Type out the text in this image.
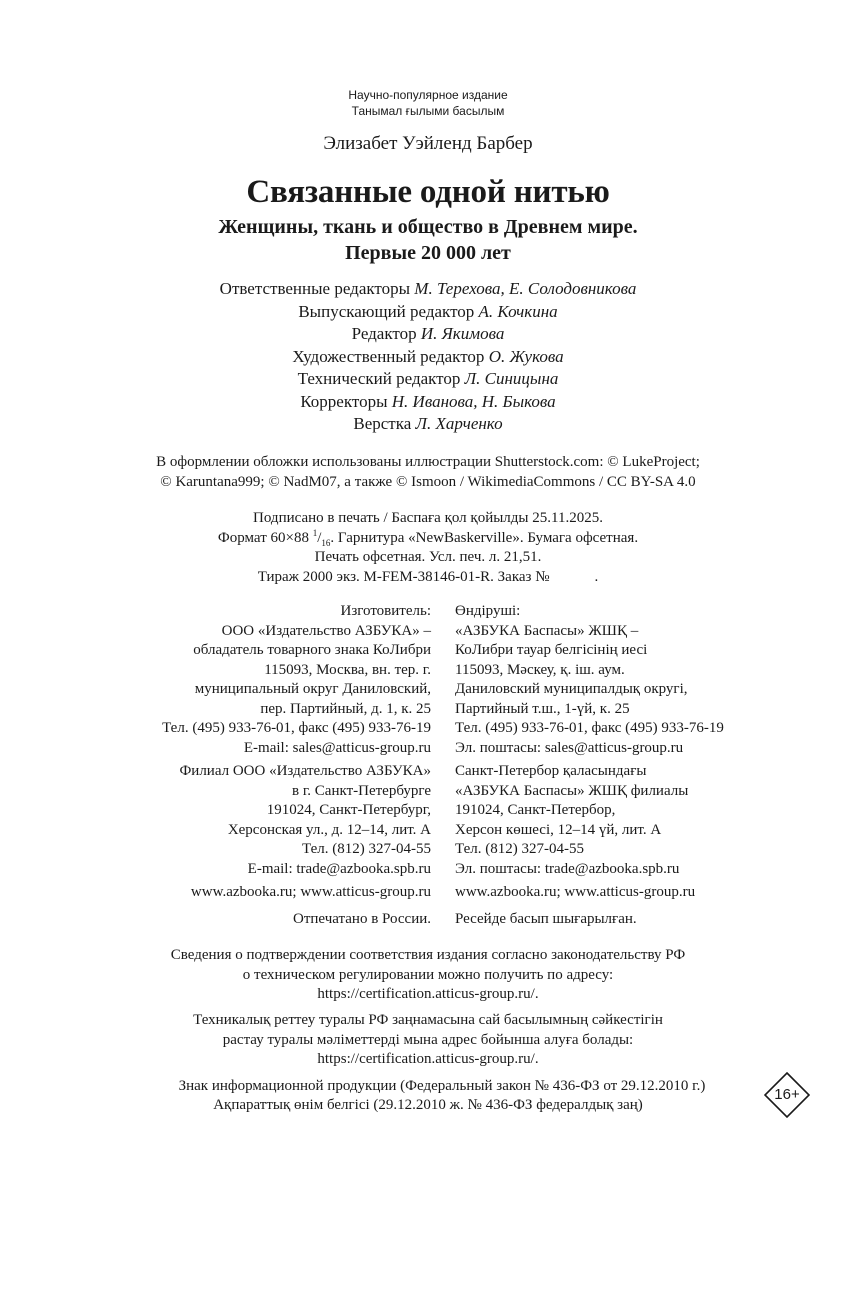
Научно-популярное издание
Танымал ғылыми басылым
Элизабет Уэйленд Барбер
Связанные одной нитью
Женщины, ткань и общество в Древнем мире.
Первые 20 000 лет
Ответственные редакторы М. Терехова, Е. Солодовникова
Выпускающий редактор А. Кочкина
Редактор И. Якимова
Художественный редактор О. Жукова
Технический редактор Л. Синицына
Корректоры Н. Иванова, Н. Быкова
Верстка Л. Харченко
В оформлении обложки использованы иллюстрации Shutterstock.com: © LukeProject;
© Karuntana999; © NadM07, а также © Ismoon / WikimediaCommons / CC BY-SA 4.0
Подписано в печать / Баспаға қол қойылды 25.11.2025.
Формат 60×88 $^1/_{16}$. Гарнитура «NewBaskerville». Бумага офсетная.
Печать офсетная. Усл. печ. л. 21,51.
Тираж 2000 экз. M-FEM-38146-01-R. Заказ №            .
Изготовитель:
ООО «Издательство АЗБУКА» –
обладатель товарного знака КоЛибри
115093, Москва, вн. тер. г.
муниципальный округ Даниловский,
пер. Партийный, д. 1, к. 25
Тел. (495) 933-76-01, факс (495) 933-76-19
E-mail: sales@atticus-group.ru
Өндіруші:
«АЗБУКА Баспасы» ЖШҚ –
КоЛибри тауар белгісінің иесі
115093, Мәскеу, қ. іш. аум.
Даниловский муниципалдық округі,
Партийный т.ш., 1-үй, к. 25
Тел. (495) 933-76-01, факс (495) 933-76-19
Эл. поштасы: sales@atticus-group.ru
Филиал ООО «Издательство АЗБУКА»
в г. Санкт-Петербурге
191024, Санкт-Петербург,
Херсонская ул., д. 12–14, лит. А
Тел. (812) 327-04-55
E-mail: trade@azbooka.spb.ru
Санкт-Петербор қаласындағы
«АЗБУКА Баспасы» ЖШҚ филиалы
191024, Санкт-Петербор,
Херсон көшесі, 12–14 үй, лит. А
Тел. (812) 327-04-55
Эл. поштасы: trade@azbooka.spb.ru
www.azbooka.ru; www.atticus-group.ru www.azbooka.ru; www.atticus-group.ru
Отпечатано в России. Ресейде басып шығарылған.
Сведения о подтверждении соответствия издания согласно законодательству РФ
о техническом регулировании можно получить по адресу:
https://certification.atticus-group.ru/.
Техникалық реттеу туралы РФ заңнамасына сай басылымның сәйкестігін
растау туралы мәліметтерді мына адрес бойынша алуға болады:
https://certification.atticus-group.ru/.
Знак информационной продукции (Федеральный закон № 436-ФЗ от 29.12.2010 г.)
Ақпараттық өнім белгісі (29.12.2010 ж. № 436-ФЗ федералдық заң)
16+
